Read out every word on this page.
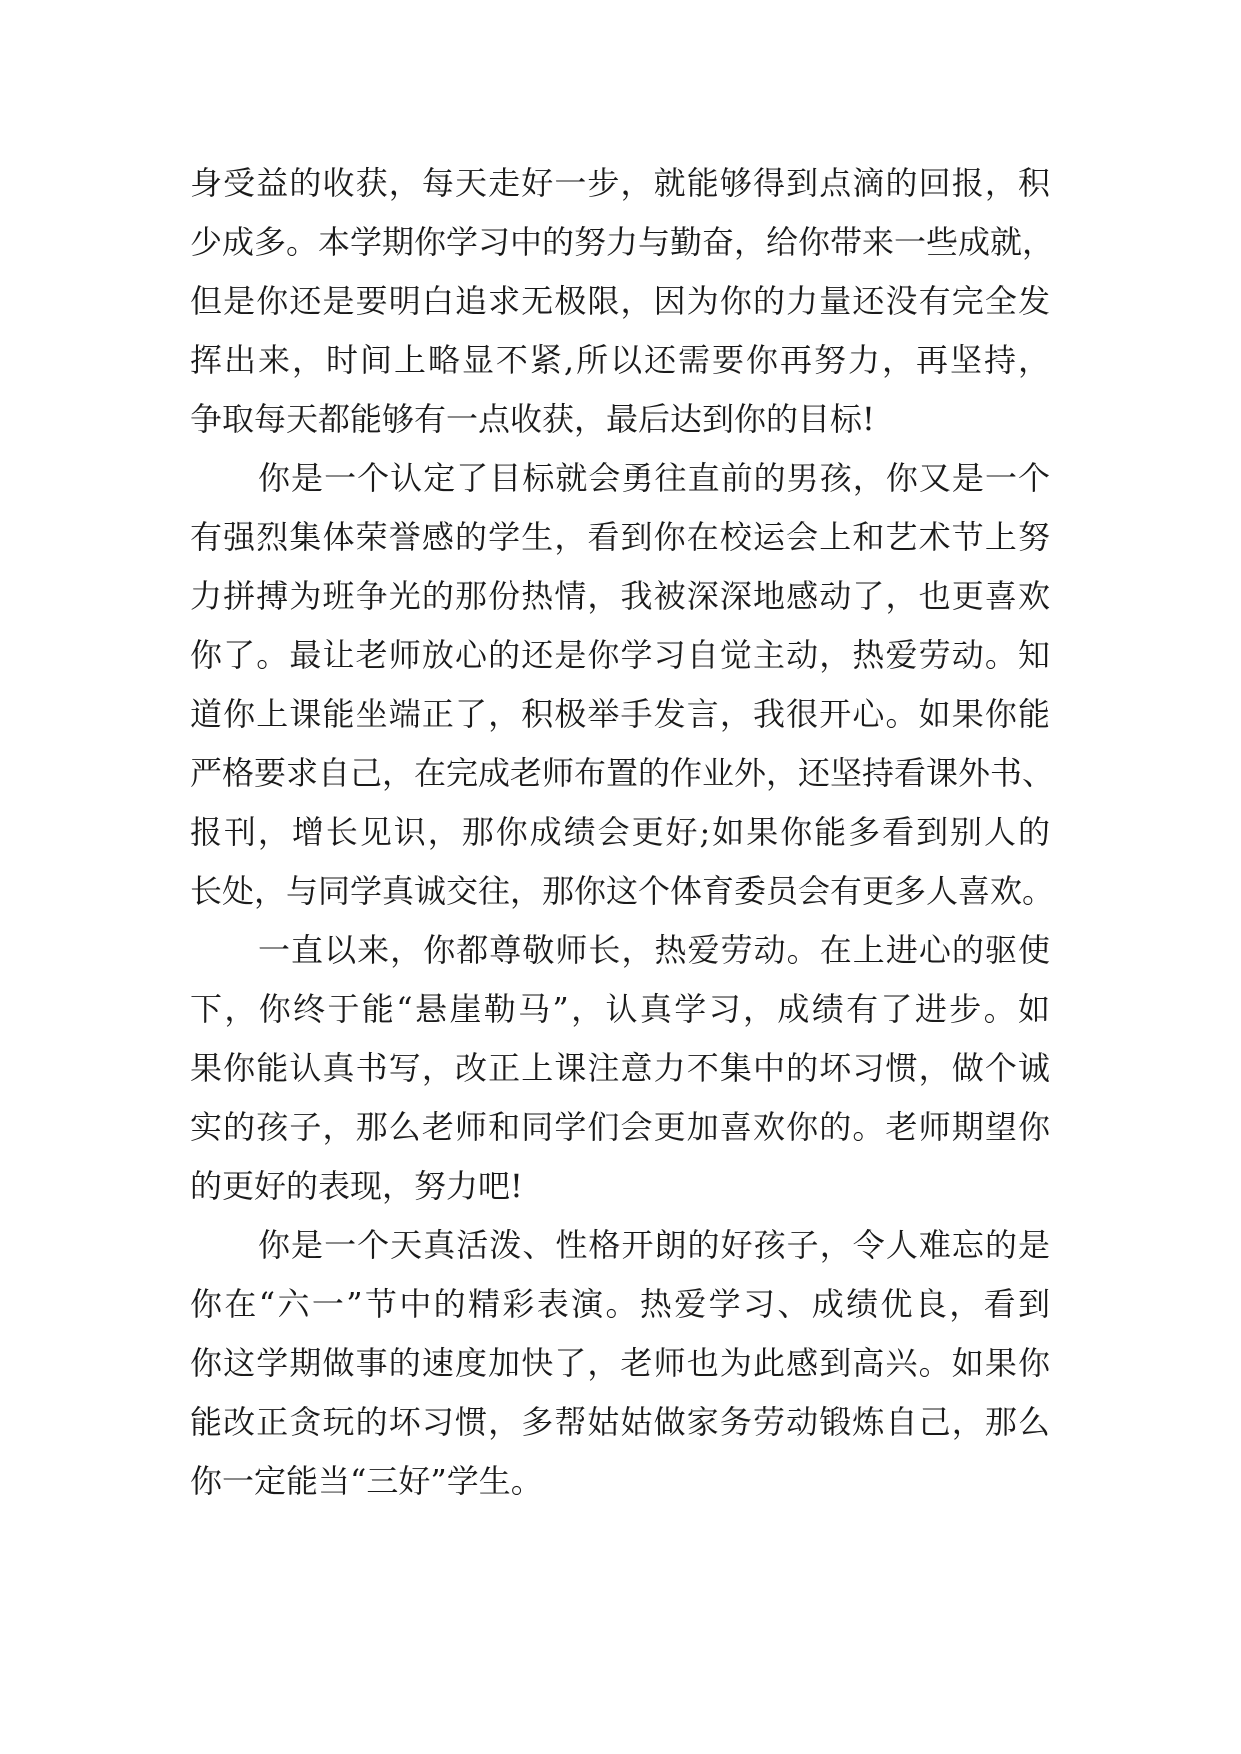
身受益的收获，每天走好一步，就能够得到点滴的回报，积
少成多。本学期你学习中的努力与勤奋，给你带来一些成就，
但是你还是要明白追求无极限，因为你的力量还没有完全发
挥出来，时间上略显不紧,所以还需要你再努力，再坚持，
争取每天都能够有一点收获，最后达到你的目标!
你是一个认定了目标就会勇往直前的男孩，你又是一个
有强烈集体荣誉感的学生，看到你在校运会上和艺术节上努
力拼搏为班争光的那份热情，我被深深地感动了，也更喜欢
你了。最让老师放心的还是你学习自觉主动，热爱劳动。知
道你上课能坐端正了，积极举手发言，我很开心。如果你能
严格要求自己，在完成老师布置的作业外，还坚持看课外书、
报刊，增长见识，那你成绩会更好;如果你能多看到别人的
长处，与同学真诚交往，那你这个体育委员会有更多人喜欢。
一直以来，你都尊敬师长，热爱劳动。在上进心的驱使
下，你终于能“悬崖勒马”，认真学习，成绩有了进步。如
果你能认真书写，改正上课注意力不集中的坏习惯，做个诚
实的孩子，那么老师和同学们会更加喜欢你的。老师期望你
的更好的表现，努力吧!
你是一个天真活泼、性格开朗的好孩子，令人难忘的是
你在“六一”节中的精彩表演。热爱学习、成绩优良，看到
你这学期做事的速度加快了，老师也为此感到高兴。如果你
能改正贪玩的坏习惯，多帮姑姑做家务劳动锻炼自己，那么
你一定能当“三好”学生。
